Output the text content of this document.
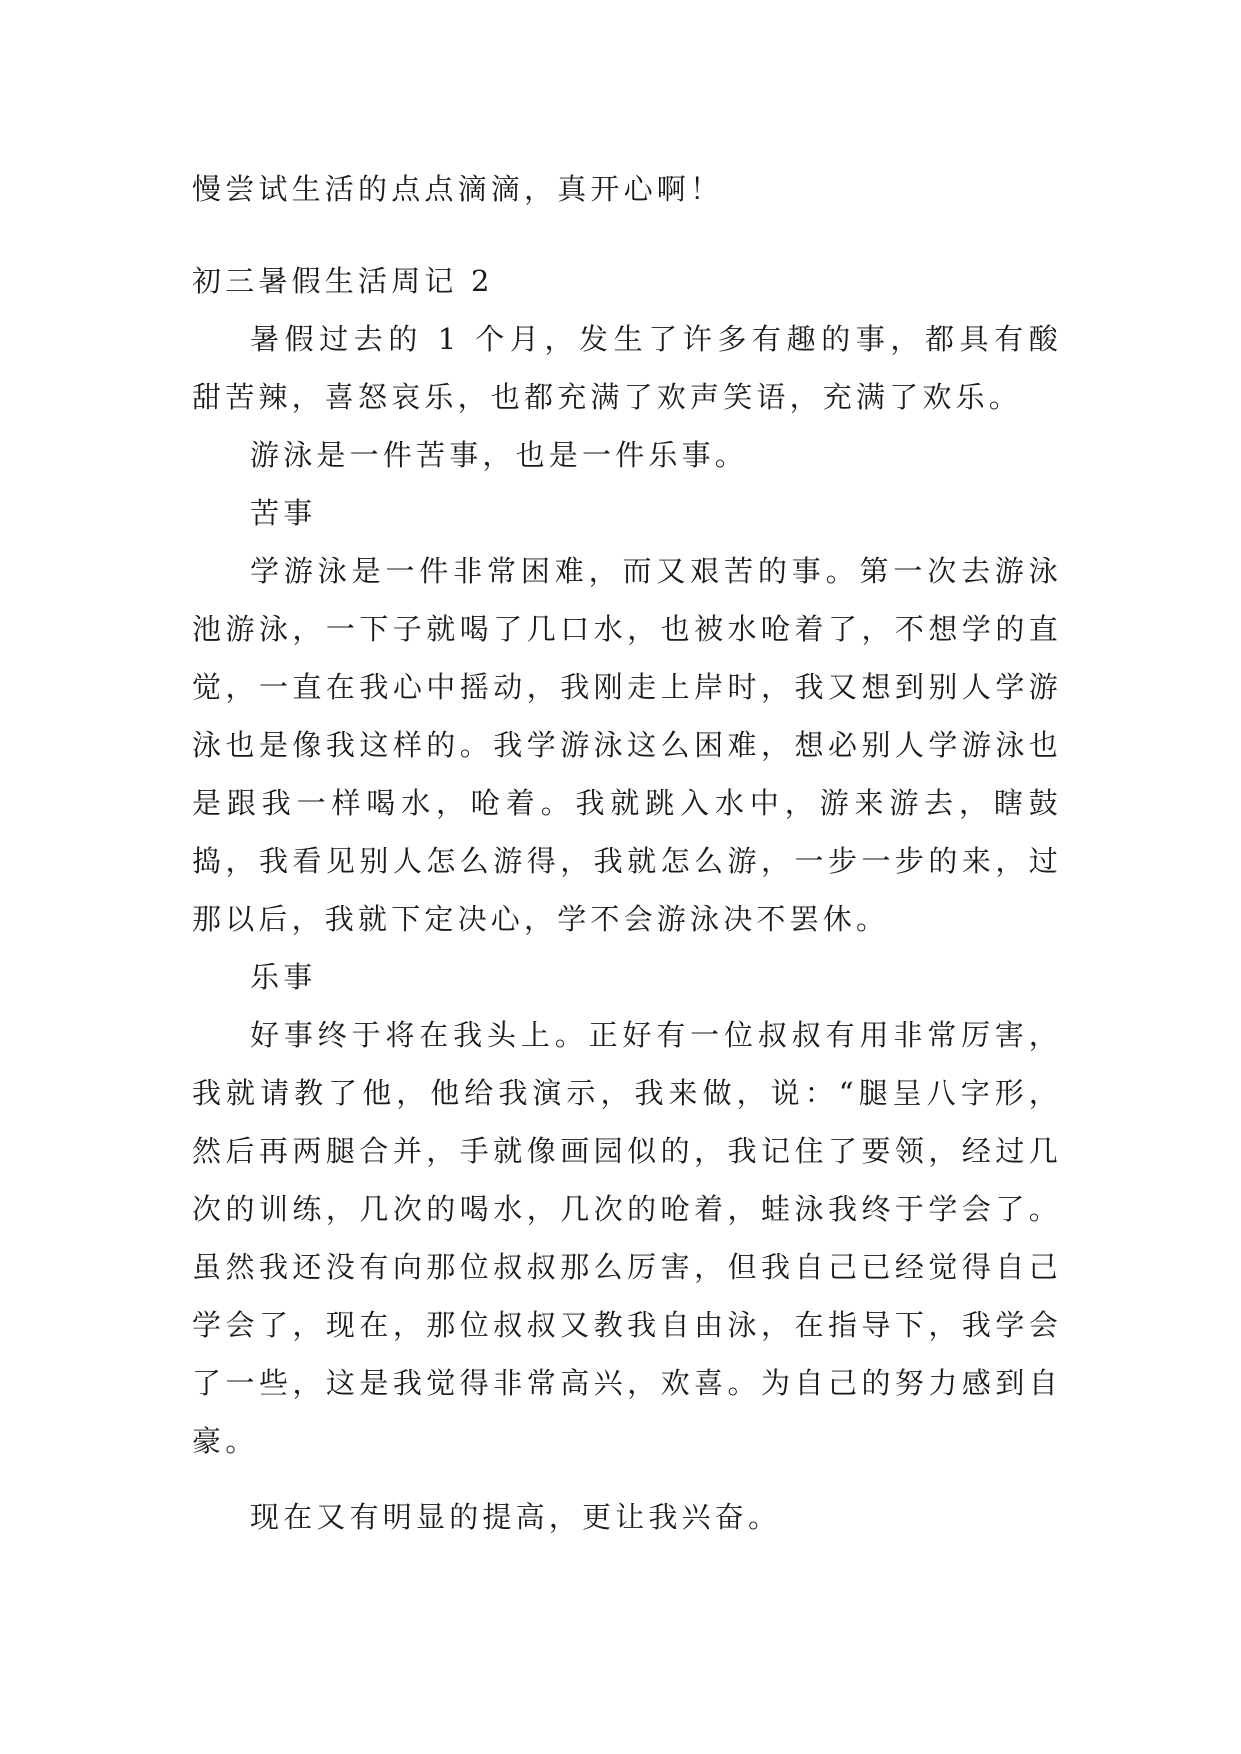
慢尝试生活的点点滴滴，真开心啊！

初三暑假生活周记 2

暑假过去的 1 个月，发生了许多有趣的事，都具有酸甜苦辣，喜怒哀乐，也都充满了欢声笑语，充满了欢乐。

游泳是一件苦事，也是一件乐事。

苦事

学游泳是一件非常困难，而又艰苦的事。第一次去游泳池游泳，一下子就喝了几口水，也被水呛着了，不想学的直觉，一直在我心中摇动，我刚走上岸时，我又想到别人学游泳也是像我这样的。我学游泳这么困难，想必别人学游泳也是跟我一样喝水，呛着。我就跳入水中，游来游去，瞎鼓捣，我看见别人怎么游得，我就怎么游，一步一步的来，过那以后，我就下定决心，学不会游泳决不罢休。

乐事

好事终于将在我头上。正好有一位叔叔有用非常厉害，我就请教了他，他给我演示，我来做，说：“腿呈八字形，然后再两腿合并，手就像画园似的，我记住了要领，经过几次的训练，几次的喝水，几次的呛着，蛙泳我终于学会了。虽然我还没有向那位叔叔那么厉害，但我自己已经觉得自己学会了，现在，那位叔叔又教我自由泳，在指导下，我学会了一些，这是我觉得非常高兴，欢喜。为自己的努力感到自豪。

现在又有明显的提高，更让我兴奋。
